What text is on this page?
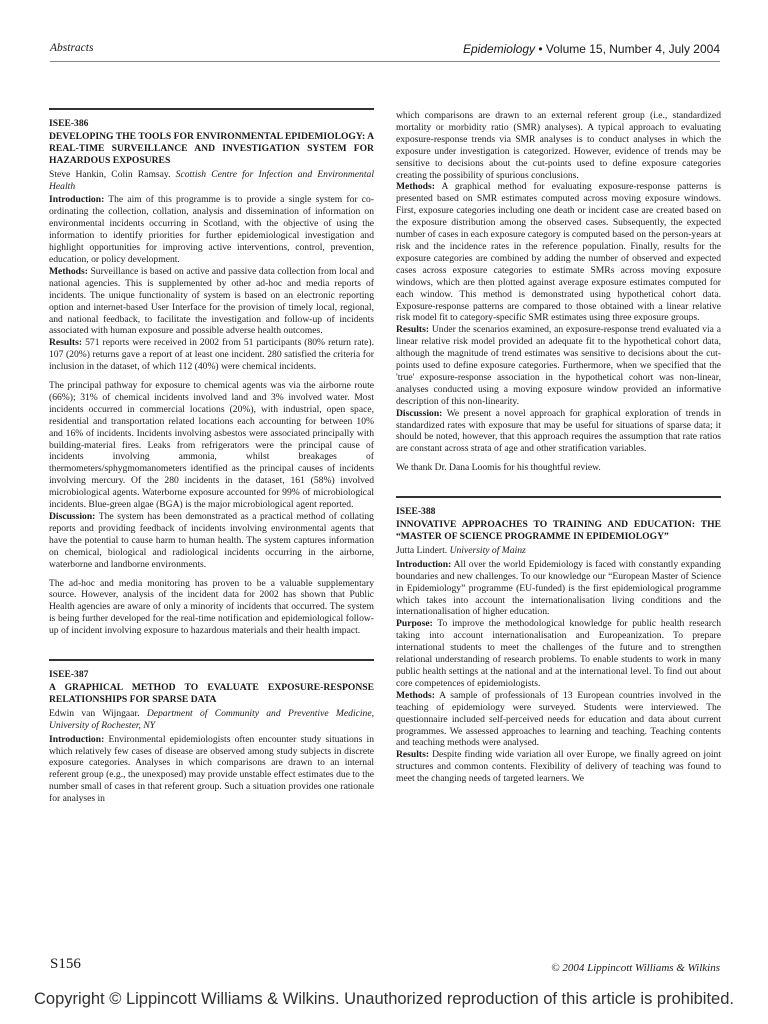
Abstracts	Epidemiology • Volume 15, Number 4, July 2004
ISEE-386
DEVELOPING THE TOOLS FOR ENVIRONMENTAL EPIDEMIOLOGY: A REAL-TIME SURVEILLANCE AND INVESTIGATION SYSTEM FOR HAZARDOUS EXPOSURES
Steve Hankin, Colin Ramsay. Scottish Centre for Infection and Environmental Health

Introduction: The aim of this programme is to provide a single system for co-ordinating the collection, collation, analysis and dissemination of information on environmental incidents occurring in Scotland, with the objective of using the information to identify priorities for further epidemiological investigation and highlight opportunities for improving active interventions, control, prevention, education, or policy development.

Methods: Surveillance is based on active and passive data collection from local and national agencies. This is supplemented by other ad-hoc and media reports of incidents. The unique functionality of system is based on an electronic reporting option and internet-based User Interface for the provision of timely local, regional, and national feedback, to facilitate the investigation and follow-up of incidents associated with human exposure and possible adverse health outcomes.

Results: 571 reports were received in 2002 from 51 participants (80% return rate). 107 (20%) returns gave a report of at least one incident. 280 satisfied the criteria for inclusion in the dataset, of which 112 (40%) were chemical incidents.

The principal pathway for exposure to chemical agents was via the airborne route (66%); 31% of chemical incidents involved land and 3% involved water. Most incidents occurred in commercial locations (20%), with industrial, open space, residential and transportation related locations each accounting for between 10% and 16% of incidents. Incidents involving asbestos were associated principally with building-material fires. Leaks from refrigerators were the principal cause of incidents involving ammonia, whilst breakages of thermometers/sphygmomanometers identified as the principal causes of incidents involving mercury. Of the 280 incidents in the dataset, 161 (58%) involved microbiological agents. Waterborne exposure accounted for 99% of microbiological incidents. Blue-green algae (BGA) is the major microbiological agent reported.

Discussion: The system has been demonstrated as a practical method of collating reports and providing feedback of incidents involving environmental agents that have the potential to cause harm to human health. The system captures information on chemical, biological and radiological incidents occurring in the airborne, waterborne and landborne environments.

The ad-hoc and media monitoring has proven to be a valuable supplementary source. However, analysis of the incident data for 2002 has shown that Public Health agencies are aware of only a minority of incidents that occurred. The system is being further developed for the real-time notification and epidemiological follow-up of incident involving exposure to hazardous materials and their health impact.

ISEE-387
A GRAPHICAL METHOD TO EVALUATE EXPOSURE-RESPONSE RELATIONSHIPS FOR SPARSE DATA
Edwin van Wijngaar. Department of Community and Preventive Medicine, University of Rochester, NY

Introduction: Environmental epidemiologists often encounter study situations in which relatively few cases of disease are observed among study subjects in discrete exposure categories. Analyses in which comparisons are drawn to an internal referent group (e.g., the unexposed) may provide unstable effect estimates due to the number small of cases in that referent group. Such a situation provides one rationale for analyses in

which comparisons are drawn to an external referent group (i.e., standardized mortality or morbidity ratio (SMR) analyses). A typical approach to evaluating exposure-response trends via SMR analyses is to conduct analyses in which the exposure under investigation is categorized. However, evidence of trends may be sensitive to decisions about the cut-points used to define exposure categories creating the possibility of spurious conclusions.

Methods: A graphical method for evaluating exposure-response patterns is presented based on SMR estimates computed across moving exposure windows. First, exposure categories including one death or incident case are created based on the exposure distribution among the observed cases. Subsequently, the expected number of cases in each exposure category is computed based on the person-years at risk and the incidence rates in the reference population. Finally, results for the exposure categories are combined by adding the number of observed and expected cases across exposure categories to estimate SMRs across moving exposure windows, which are then plotted against average exposure estimates computed for each window. This method is demonstrated using hypothetical cohort data. Exposure-response patterns are compared to those obtained with a linear relative risk model fit to category-specific SMR estimates using three exposure groups.

Results: Under the scenarios examined, an exposure-response trend evaluated via a linear relative risk model provided an adequate fit to the hypothetical cohort data, although the magnitude of trend estimates was sensitive to decisions about the cut-points used to define exposure categories. Furthermore, when we specified that the 'true' exposure-response association in the hypothetical cohort was non-linear, analyses conducted using a moving exposure window provided an informative description of this non-linearity.

Discussion: We present a novel approach for graphical exploration of trends in standardized rates with exposure that may be useful for situations of sparse data; it should be noted, however, that this approach requires the assumption that rate ratios are constant across strata of age and other stratification variables.

We thank Dr. Dana Loomis for his thoughtful review.

ISEE-388
INNOVATIVE APPROACHES TO TRAINING AND EDUCATION: THE “MASTER OF SCIENCE PROGRAMME IN EPIDEMIOLOGY”
Jutta Lindert. University of Mainz

Introduction: All over the world Epidemiology is faced with constantly expanding boundaries and new challenges. To our knowledge our “European Master of Science in Epidemiology” programme (EU-funded) is the first epidemiological programme which takes into account the internationalisation living conditions and the internationalisation of higher education.

Purpose: To improve the methodological knowledge for public health research taking into account internationalisation and Europeanization. To prepare international students to meet the challenges of the future and to strengthen relational understanding of research problems. To enable students to work in many public health settings at the national and at the international level. To find out about core competences of epidemiologists.

Methods: A sample of professionals of 13 European countries involved in the teaching of epidemiology were surveyed. Students were interviewed. The questionnaire included self-perceived needs for education and data about current programmes. We assessed approaches to learning and teaching. Teaching contents and teaching methods were analysed.

Results: Despite finding wide variation all over Europe, we finally agreed on joint structures and common contents. Flexibility of delivery of teaching was found to meet the changing needs of targeted learners. We

S156	© 2004 Lippincott Williams & Wilkins
Copyright © Lippincott Williams & Wilkins. Unauthorized reproduction of this article is prohibited.
